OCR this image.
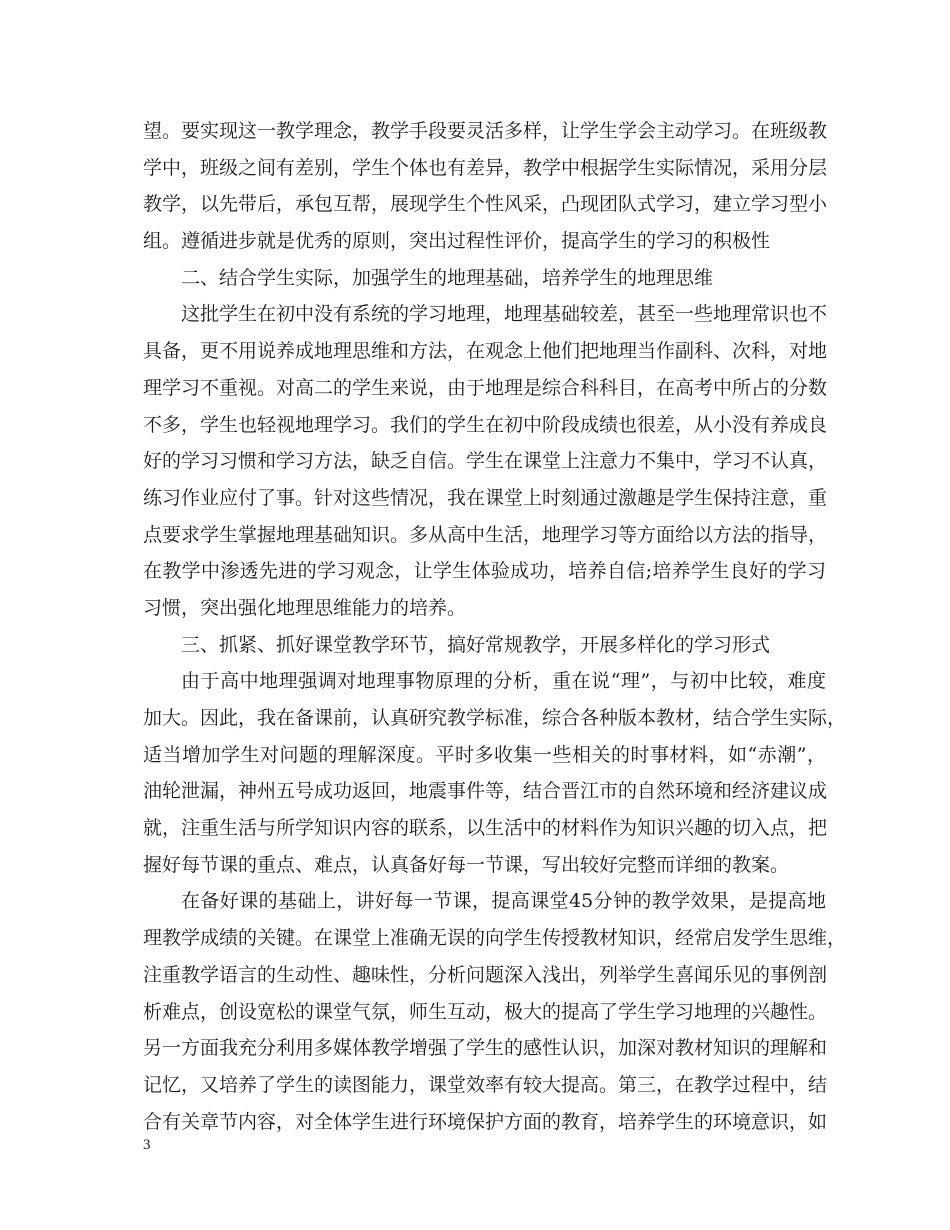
望。要实现这一教学理念，教学手段要灵活多样，让学生学会主动学习。在班级教
学中，班级之间有差别，学生个体也有差异，教学中根据学生实际情况，采用分层
教学，以先带后，承包互帮，展现学生个性风采，凸现团队式学习，建立学习型小
组。遵循进步就是优秀的原则，突出过程性评价，提高学生的学习的积极性
二、结合学生实际，加强学生的地理基础，培养学生的地理思维
这批学生在初中没有系统的学习地理，地理基础较差，甚至一些地理常识也不
具备，更不用说养成地理思维和方法，在观念上他们把地理当作副科、次科，对地
理学习不重视。对高二的学生来说，由于地理是综合科科目，在高考中所占的分数
不多，学生也轻视地理学习。我们的学生在初中阶段成绩也很差，从小没有养成良
好的学习习惯和学习方法，缺乏自信。学生在课堂上注意力不集中，学习不认真，
练习作业应付了事。针对这些情况，我在课堂上时刻通过激趣是学生保持注意，重
点要求学生掌握地理基础知识。多从高中生活，地理学习等方面给以方法的指导，
在教学中渗透先进的学习观念，让学生体验成功，培养自信;培养学生良好的学习
习惯，突出强化地理思维能力的培养。
三、抓紧、抓好课堂教学环节，搞好常规教学，开展多样化的学习形式
由于高中地理强调对地理事物原理的分析，重在说“理”，与初中比较，难度
加大。因此，我在备课前，认真研究教学标准，综合各种版本教材，结合学生实际，
适当增加学生对问题的理解深度。平时多收集一些相关的时事材料，如“赤潮”，
油轮泄漏，神州五号成功返回，地震事件等，结合晋江市的自然环境和经济建议成
就，注重生活与所学知识内容的联系，以生活中的材料作为知识兴趣的切入点，把
握好每节课的重点、难点，认真备好每一节课，写出较好完整而详细的教案。
在备好课的基础上，讲好每一节课，提高课堂45分钟的教学效果，是提高地
理教学成绩的关键。在课堂上准确无误的向学生传授教材知识，经常启发学生思维，
注重教学语言的生动性、趣味性，分析问题深入浅出，列举学生喜闻乐见的事例剖
析难点，创设宽松的课堂气氛，师生互动，极大的提高了学生学习地理的兴趣性。
另一方面我充分利用多媒体教学增强了学生的感性认识，加深对教材知识的理解和
记忆，又培养了学生的读图能力，课堂效率有较大提高。第三，在教学过程中，结
合有关章节内容，对全体学生进行环境保护方面的教育，培养学生的环境意识，如
3
